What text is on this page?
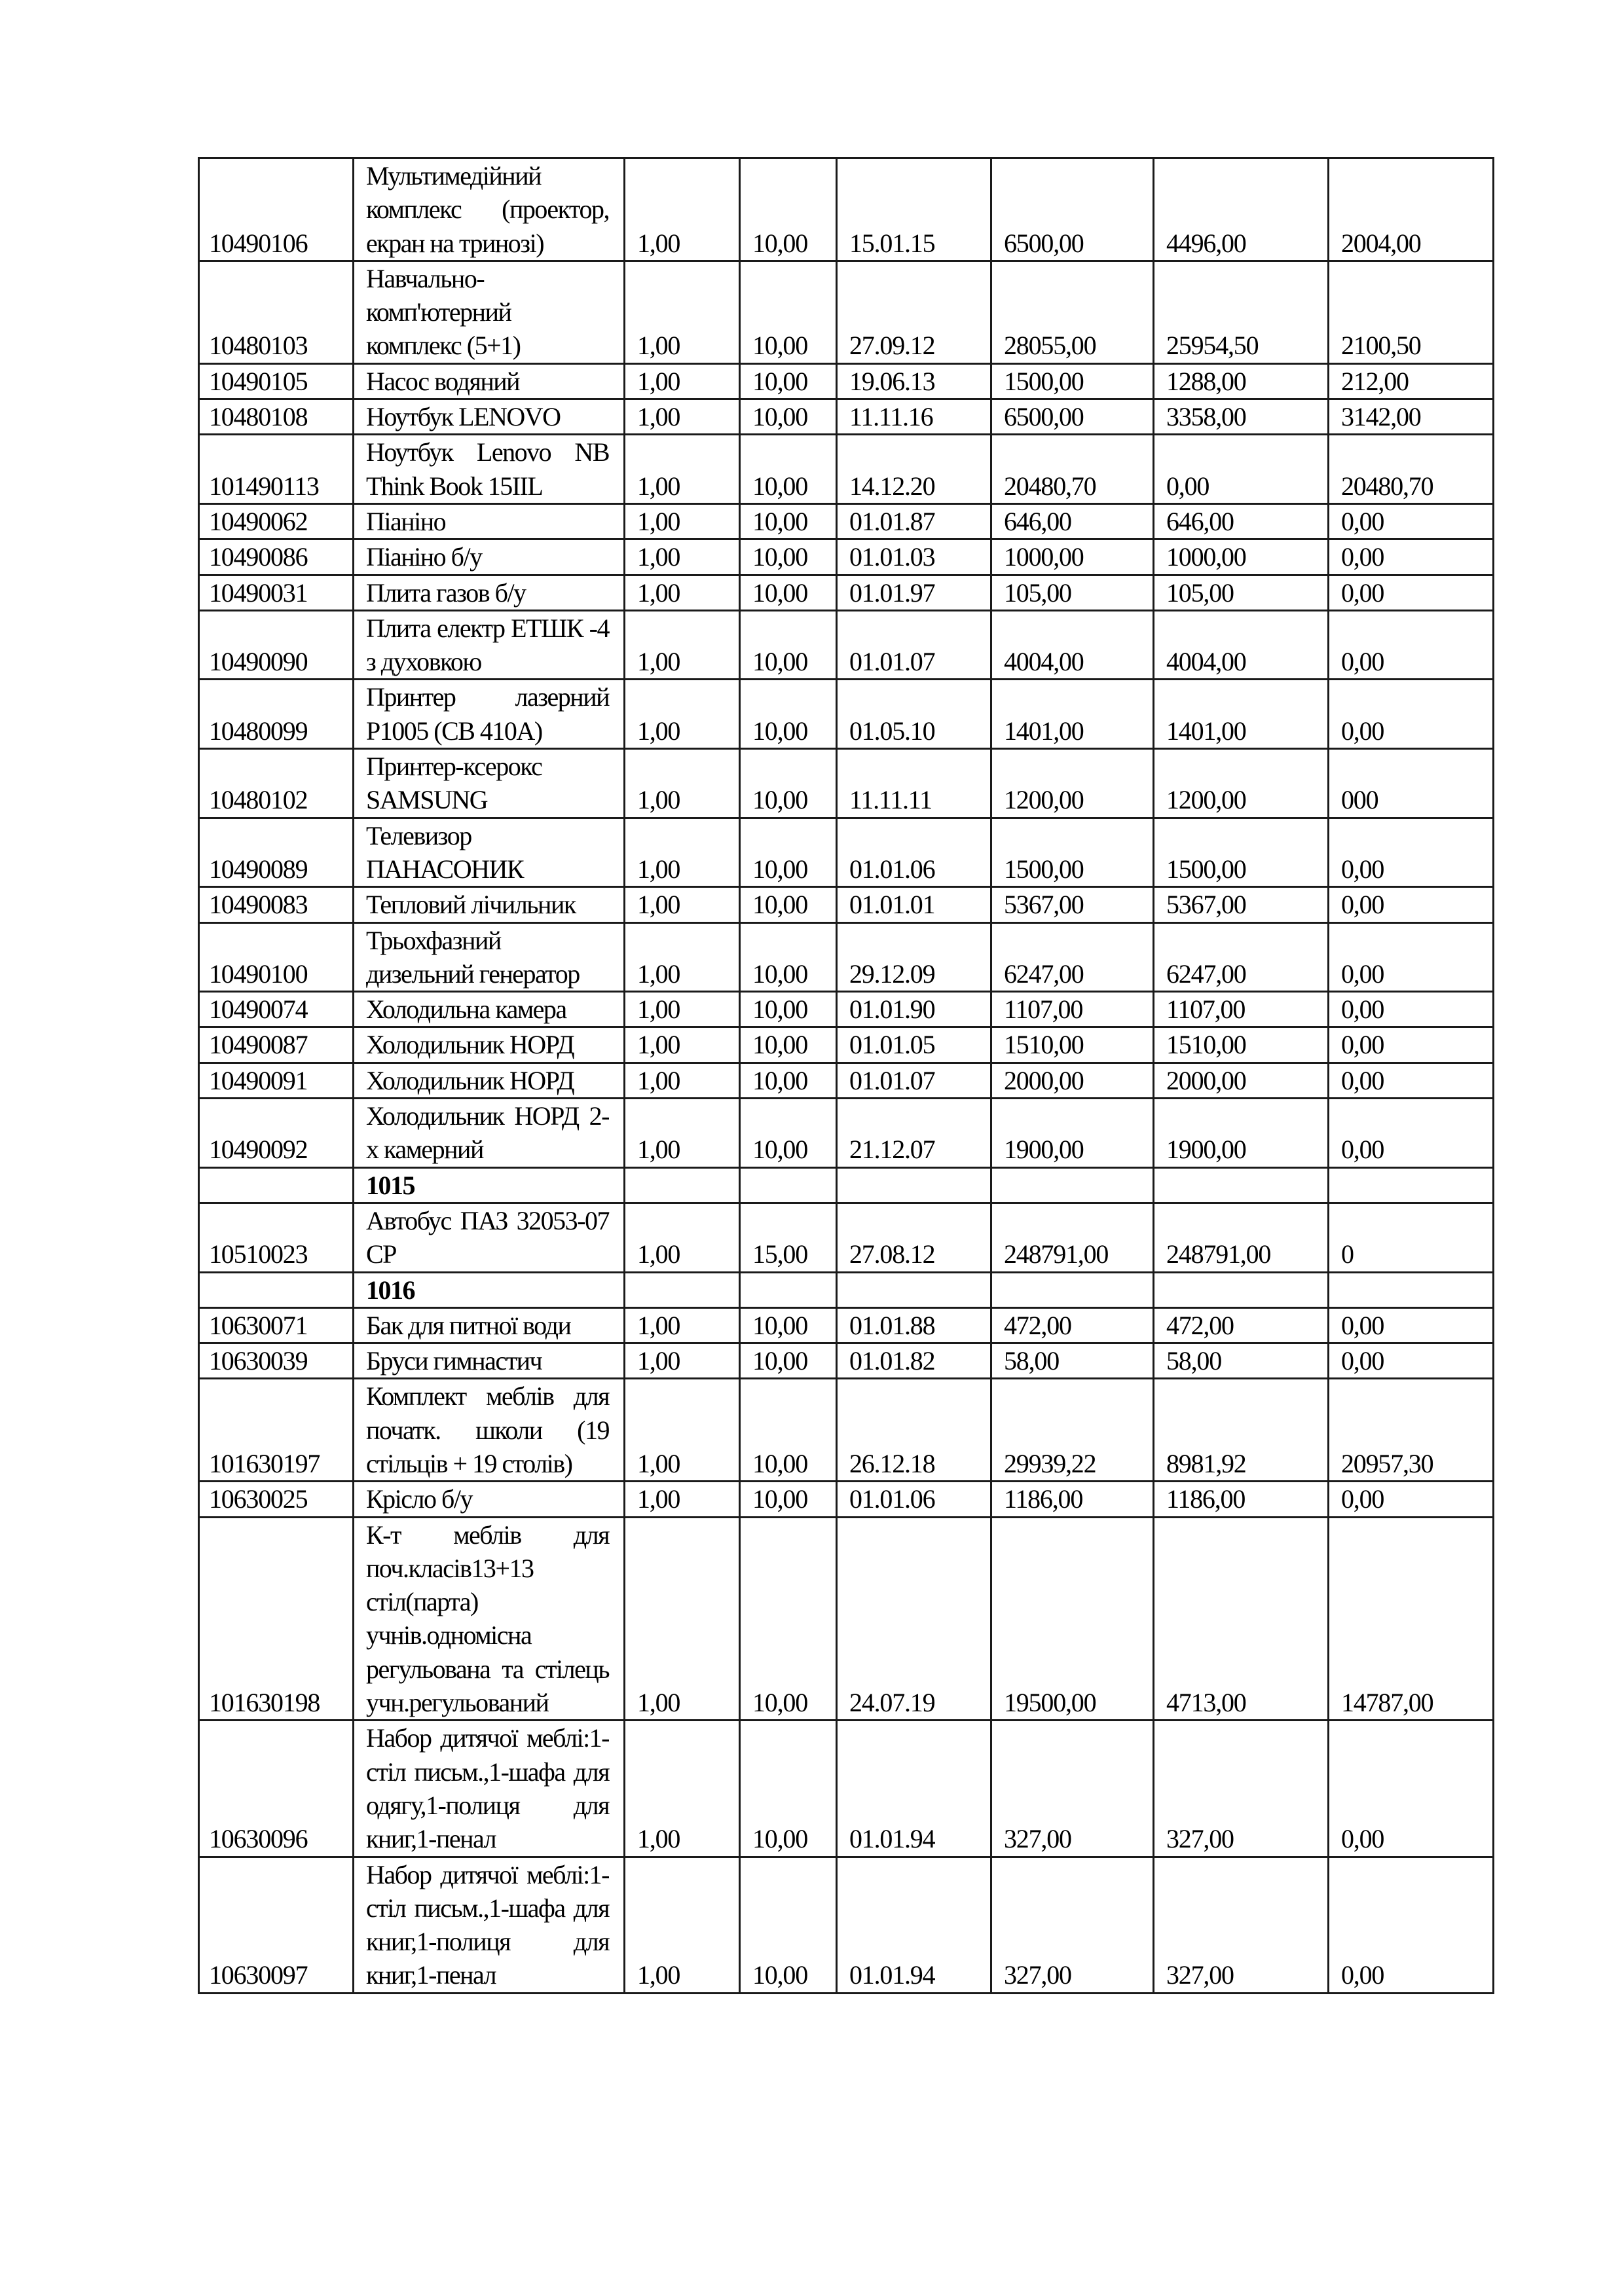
10490106	Мультимедійний комплекс (проектор, екран на тринозі)	1,00	10,00	15.01.15	6500,00	4496,00	2004,00
10480103	Навчально-комп'ютерний комплекс (5+1)	1,00	10,00	27.09.12	28055,00	25954,50	2100,50
10490105	Насос водяний	1,00	10,00	19.06.13	1500,00	1288,00	212,00
10480108	Ноутбук LENOVO	1,00	10,00	11.11.16	6500,00	3358,00	3142,00
101490113	Ноутбук Lenovo NB Think Book 15IIL	1,00	10,00	14.12.20	20480,70	0,00	20480,70
10490062	Піаніно	1,00	10,00	01.01.87	646,00	646,00	0,00
10490086	Піаніно б/у	1,00	10,00	01.01.03	1000,00	1000,00	0,00
10490031	Плита газов б/у	1,00	10,00	01.01.97	105,00	105,00	0,00
10490090	Плита електр ЕТШК -4 з духовкою	1,00	10,00	01.01.07	4004,00	4004,00	0,00
10480099	Принтер лазерний P1005 (CB 410A)	1,00	10,00	01.05.10	1401,00	1401,00	0,00
10480102	Принтер-ксерокс SAMSUNG	1,00	10,00	11.11.11	1200,00	1200,00	000
10490089	Телевизор ПАНАСОНИК	1,00	10,00	01.01.06	1500,00	1500,00	0,00
10490083	Тепловий лічильник	1,00	10,00	01.01.01	5367,00	5367,00	0,00
10490100	Трьохфазний дизельний генератор	1,00	10,00	29.12.09	6247,00	6247,00	0,00
10490074	Холодильна камера	1,00	10,00	01.01.90	1107,00	1107,00	0,00
10490087	Холодильник НОРД	1,00	10,00	01.01.05	1510,00	1510,00	0,00
10490091	Холодильник НОРД	1,00	10,00	01.01.07	2000,00	2000,00	0,00
10490092	Холодильник НОРД 2-х камерний	1,00	10,00	21.12.07	1900,00	1900,00	0,00
	1015						
10510023	Автобус ПАЗ 32053-07 СР	1,00	15,00	27.08.12	248791,00	248791,00	0
	1016						
10630071	Бак для питної води	1,00	10,00	01.01.88	472,00	472,00	0,00
10630039	Бруси гимнастич	1,00	10,00	01.01.82	58,00	58,00	0,00
101630197	Комплект меблів для початк. школи (19 стільців + 19 столів)	1,00	10,00	26.12.18	29939,22	8981,92	20957,30
10630025	Крісло б/у	1,00	10,00	01.01.06	1186,00	1186,00	0,00
101630198	К-т меблів для поч.класів13+13 стіл(парта) учнів.одномісна регульована та стілець учн.регульований	1,00	10,00	24.07.19	19500,00	4713,00	14787,00
10630096	Набор дитячої меблі:1-стіл письм.,1-шафа для одягу,1-полиця для книг,1-пенал	1,00	10,00	01.01.94	327,00	327,00	0,00
10630097	Набор дитячої меблі:1-стіл письм.,1-шафа для книг,1-полиця для книг,1-пенал	1,00	10,00	01.01.94	327,00	327,00	0,00
